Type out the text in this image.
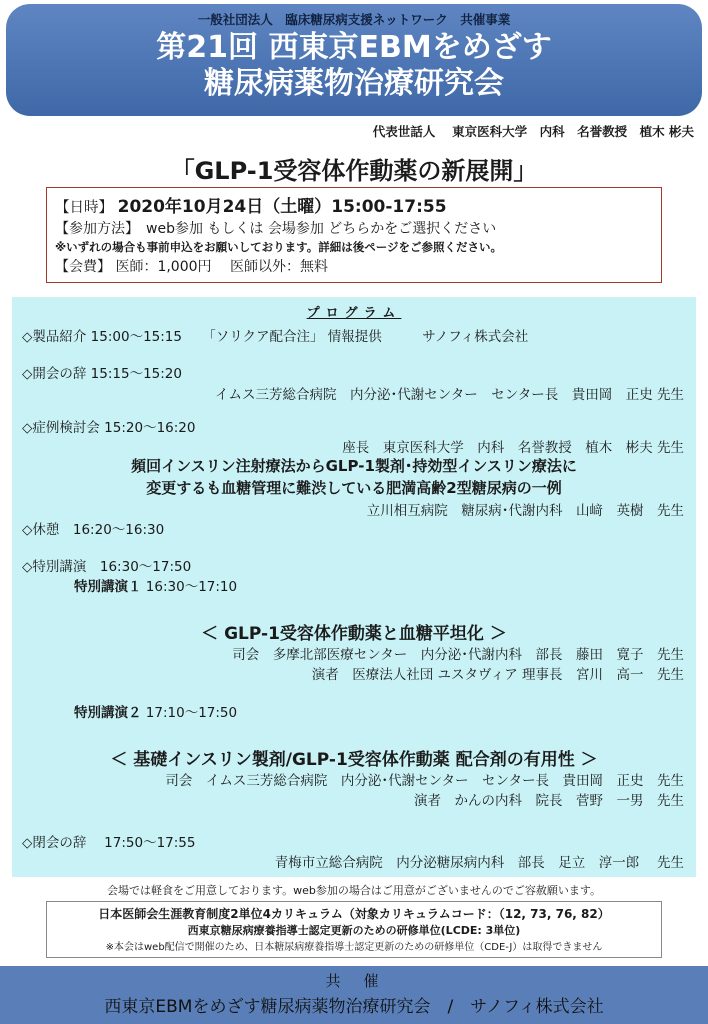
一般社団法人　臨床糖尿病支援ネットワーク　共催事業
第21回 西東京EBMをめざす
糖尿病薬物治療研究会
代表世話人　 東京医科大学　内科　名誉教授　植木 彬夫
「GLP-1受容体作動薬の新展開」
【日時】 2020年10月24日（土曜）15:00-17:55
【参加方法】　web参加 もしくは 会場参加 どちらかをご選択ください
※いずれの場合も事前申込をお願いしております。詳細は後ページをご参照ください。
【会費】 医師：1,000円　 医師以外：無料
プログラム
◇製品紹介 15:00～15:15　　「ソリクア配合注」 情報提供　　　サノフィ株式会社
◇開会の辞 15:15～15:20
イムス三芳総合病院　内分泌･代謝センター　センター長　貴田岡　正史 先生
◇症例検討会 15:20～16:20
座長　東京医科大学　内科　名誉教授　植木　彬夫 先生
頻回インスリン注射療法からGLP-1製剤･持効型インスリン療法に
変更するも血糖管理に難渋している肥満高齢2型糖尿病の一例
立川相互病院　糖尿病･代謝内科　山﨑　英樹　先生
◇休憩　16:20～16:30
◇特別講演　16:30～17:50
特別講演１ 16:30～17:10
＜ GLP-1受容体作動薬と血糖平坦化 ＞
司会　多摩北部医療センター　内分泌･代謝内科　部長　藤田　寛子　先生
演者　医療法人社団 ユスタヴィア 理事長　宮川　高一　先生
特別講演２ 17:10～17:50
＜ 基礎インスリン製剤/GLP-1受容体作動薬 配合剤の有用性 ＞
司会　イムス三芳総合病院　内分泌･代謝センター　センター長　貴田岡　正史　先生
演者　かんの内科　院長　菅野　一男　先生
◇閉会の辞　 17:50～17:55
青梅市立総合病院　内分泌糖尿病内科　部長　足立　淳一郎　 先生
会場では軽食をご用意しております。web参加の場合はご用意がございませんのでご容赦願います。
日本医師会生涯教育制度2単位4カリキュラム（対象カリキュラムコード：（12, 73, 76, 82）
西東京糖尿病療養指導士認定更新のための研修単位(LCDE: 3単位)
※本会はweb配信で開催のため、日本糖尿病療養指導士認定更新のための研修単位（CDE-J）は取得できません
共　催
西東京EBMをめざす糖尿病薬物治療研究会　/　サノフィ株式会社
